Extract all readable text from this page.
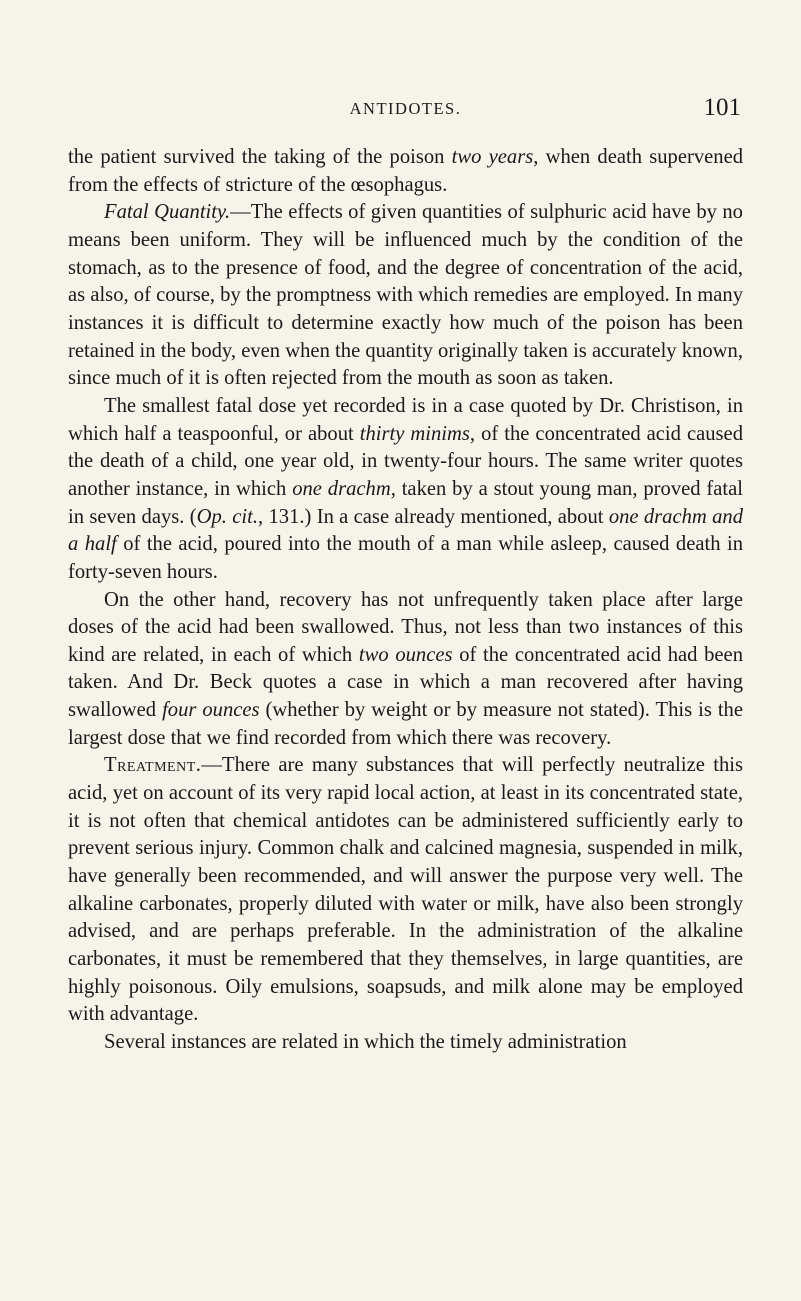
ANTIDOTES.	101

the patient survived the taking of the poison two years, when death supervened from the effects of stricture of the œsophagus.

Fatal Quantity.—The effects of given quantities of sulphuric acid have by no means been uniform. They will be influenced much by the condition of the stomach, as to the presence of food, and the degree of concentration of the acid, as also, of course, by the promptness with which remedies are employed. In many instances it is difficult to determine exactly how much of the poison has been retained in the body, even when the quantity originally taken is accurately known, since much of it is often rejected from the mouth as soon as taken.

The smallest fatal dose yet recorded is in a case quoted by Dr. Christison, in which half a teaspoonful, or about thirty minims, of the concentrated acid caused the death of a child, one year old, in twenty-four hours. The same writer quotes another instance, in which one drachm, taken by a stout young man, proved fatal in seven days. (Op. cit., 131.) In a case already mentioned, about one drachm and a half of the acid, poured into the mouth of a man while asleep, caused death in forty-seven hours.

On the other hand, recovery has not unfrequently taken place after large doses of the acid had been swallowed. Thus, not less than two instances of this kind are related, in each of which two ounces of the concentrated acid had been taken. And Dr. Beck quotes a case in which a man recovered after having swallowed four ounces (whether by weight or by measure not stated). This is the largest dose that we find recorded from which there was recovery.

Treatment.—There are many substances that will perfectly neutralize this acid, yet on account of its very rapid local action, at least in its concentrated state, it is not often that chemical antidotes can be administered sufficiently early to prevent serious injury. Common chalk and calcined magnesia, suspended in milk, have generally been recommended, and will answer the purpose very well. The alkaline carbonates, properly diluted with water or milk, have also been strongly advised, and are perhaps preferable. In the administration of the alkaline carbonates, it must be remembered that they themselves, in large quantities, are highly poisonous. Oily emulsions, soapsuds, and milk alone may be employed with advantage.

Several instances are related in which the timely administration
